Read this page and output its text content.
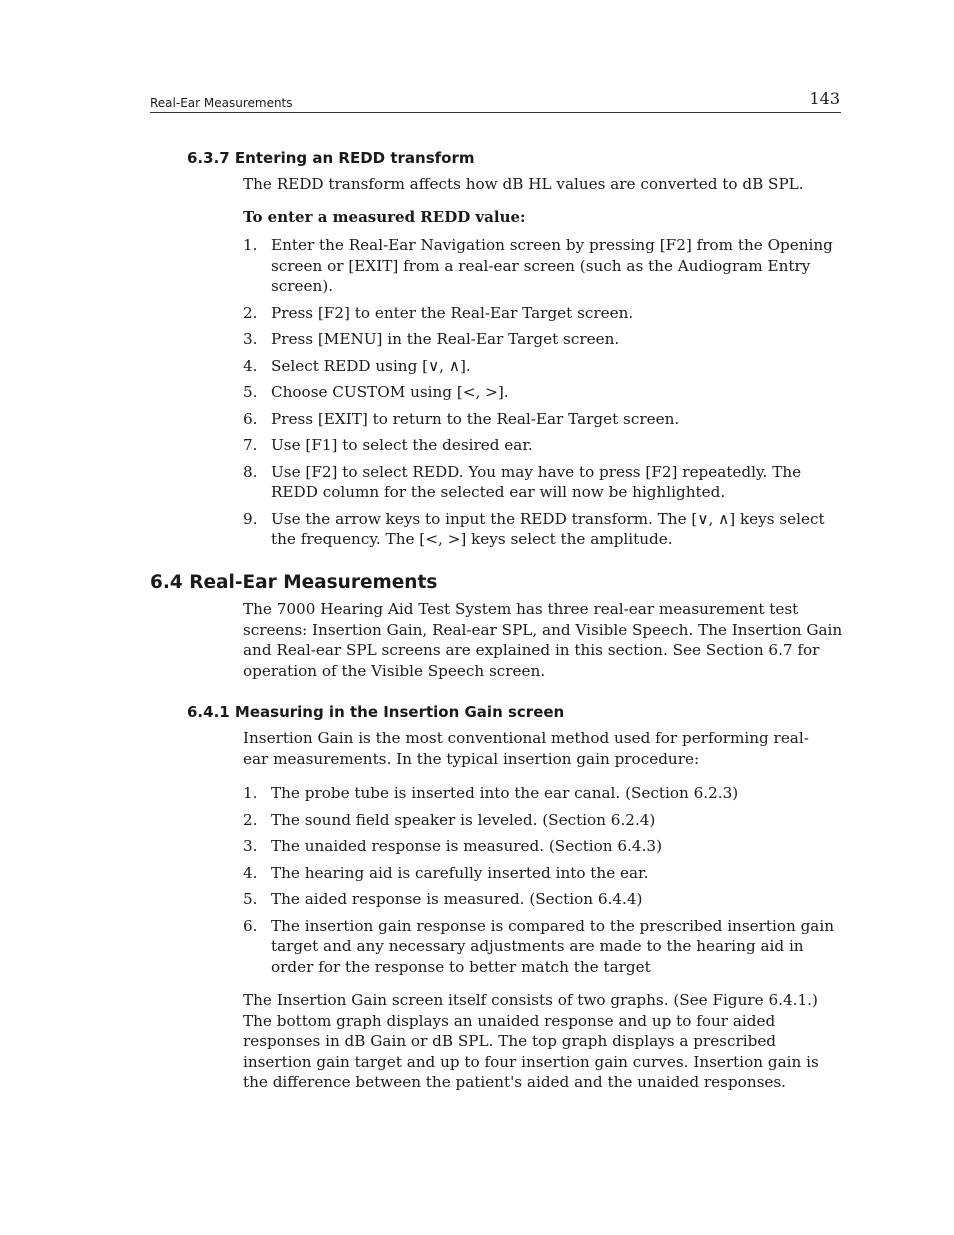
Real-Ear Measurements	143
6.3.7 Entering an REDD transform
The REDD transform affects how dB HL values are converted to dB SPL.
To enter a measured REDD value:
1. Enter the Real-Ear Navigation screen by pressing [F2] from the Opening screen or [EXIT] from a real-ear screen (such as the Audiogram Entry screen).
2. Press [F2] to enter the Real-Ear Target screen.
3. Press [MENU] in the Real-Ear Target screen.
4. Select REDD using [∨, ∧].
5. Choose CUSTOM using [<, >].
6. Press [EXIT] to return to the Real-Ear Target screen.
7. Use [F1] to select the desired ear.
8. Use [F2] to select REDD. You may have to press [F2] repeatedly. The REDD column for the selected ear will now be highlighted.
9. Use the arrow keys to input the REDD transform. The [∨, ∧] keys select the frequency. The [<, >] keys select the amplitude.
6.4 Real-Ear Measurements
The 7000 Hearing Aid Test System has three real-ear measurement test screens: Insertion Gain, Real-ear SPL, and Visible Speech. The Insertion Gain and Real-ear SPL screens are explained in this section. See Section 6.7 for operation of the Visible Speech screen.
6.4.1 Measuring in the Insertion Gain screen
Insertion Gain is the most conventional method used for performing real-ear measurements. In the typical insertion gain procedure:
1. The probe tube is inserted into the ear canal. (Section 6.2.3)
2. The sound field speaker is leveled. (Section 6.2.4)
3. The unaided response is measured. (Section 6.4.3)
4. The hearing aid is carefully inserted into the ear.
5. The aided response is measured. (Section 6.4.4)
6. The insertion gain response is compared to the prescribed insertion gain target and any necessary adjustments are made to the hearing aid in order for the response to better match the target
The Insertion Gain screen itself consists of two graphs. (See Figure 6.4.1.) The bottom graph displays an unaided response and up to four aided responses in dB Gain or dB SPL. The top graph displays a prescribed insertion gain target and up to four insertion gain curves. Insertion gain is the difference between the patient's aided and the unaided responses.
